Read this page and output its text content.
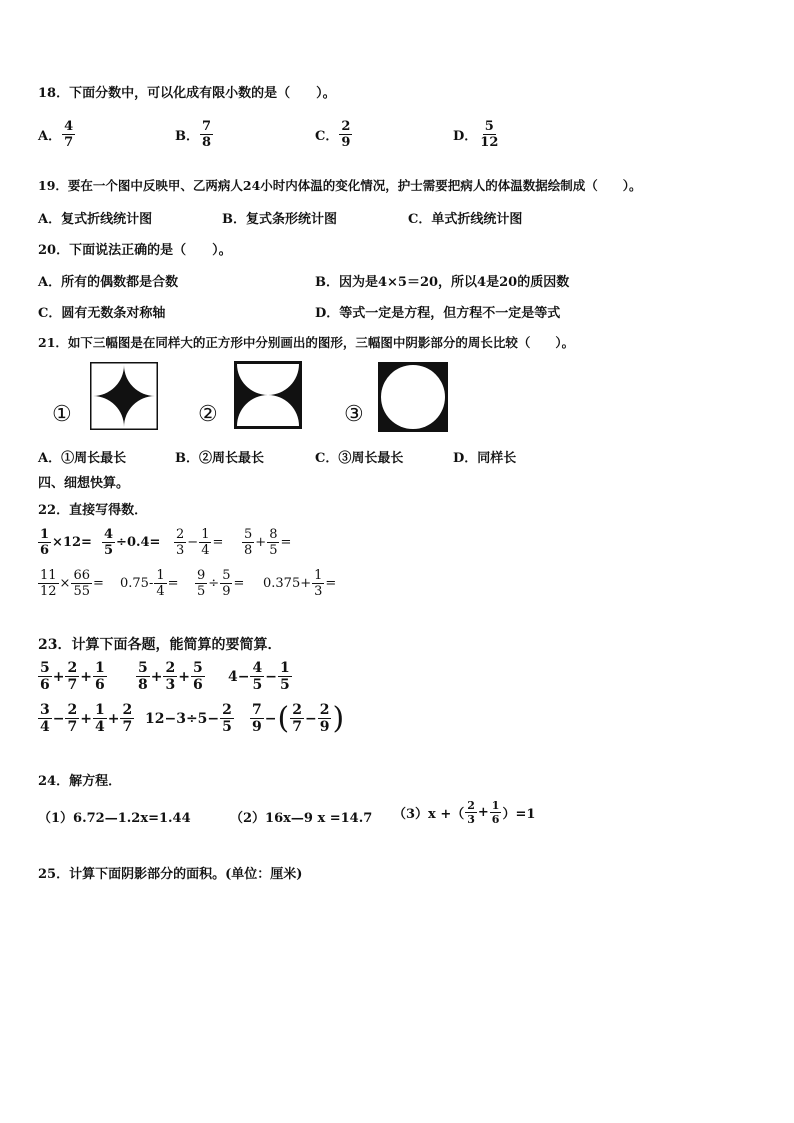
18．下面分数中，可以化成有限小数的是（　　）。
A． $\frac{4}{7}$	B． $\frac{7}{8}$	C． $\frac{2}{9}$	D． $\frac{5}{12}$
19．要在一个图中反映甲、乙两病人24小时内体温的变化情况，护士需要把病人的体温数据绘制成（　　）。
A．复式折线统计图	B．复式条形统计图	C．单式折线统计图
20．下面说法正确的是（　　）。
A．所有的偶数都是合数	B．因为是4×5＝20，所以4是20的质因数
C．圆有无数条对称轴	D．等式一定是方程，但方程不一定是等式
21．如下三幅图是在同样大的正方形中分别画出的图形，三幅图中阴影部分的周长比较（　　）。
①	②	③
A．①周长最长	B．②周长最长	C．③周长最长	D．同样长
四、细想快算。
22．直接写得数．
$\frac{1}{6} \times 12= \frac{4}{5} \div 0.4= \frac{2}{3} - \frac{1}{4} = \frac{5}{8} + \frac{8}{5}$ =
$\frac{11}{12} \times \frac{66}{55} = 0.75- \frac{1}{4} = \frac{9}{5} \div \frac{5}{9} = 0.375+ \frac{1}{3}$ =
23．计算下面各题，能简算的要简算．
$\frac{5}{6} + \frac{2}{7} + \frac{1}{6} \frac{5}{8} + \frac{2}{3} + \frac{5}{6} 4- \frac{4}{5} - \frac{1}{5}$
$\frac{3}{4} - \frac{2}{7} + \frac{1}{4} + \frac{2}{7} 12-3\div 5- \frac{2}{5} \frac{7}{9}$ − ( $\frac{2}{7} - \frac{2}{9}$ )
24．解方程．
（1）6.72—1.2x=1.44	（2）16x—9 x =14.7 （3）x +（ $\frac{2}{3} + \frac{1}{6} )=1$
25．计算下面阴影部分的面积。(单位：厘米)
